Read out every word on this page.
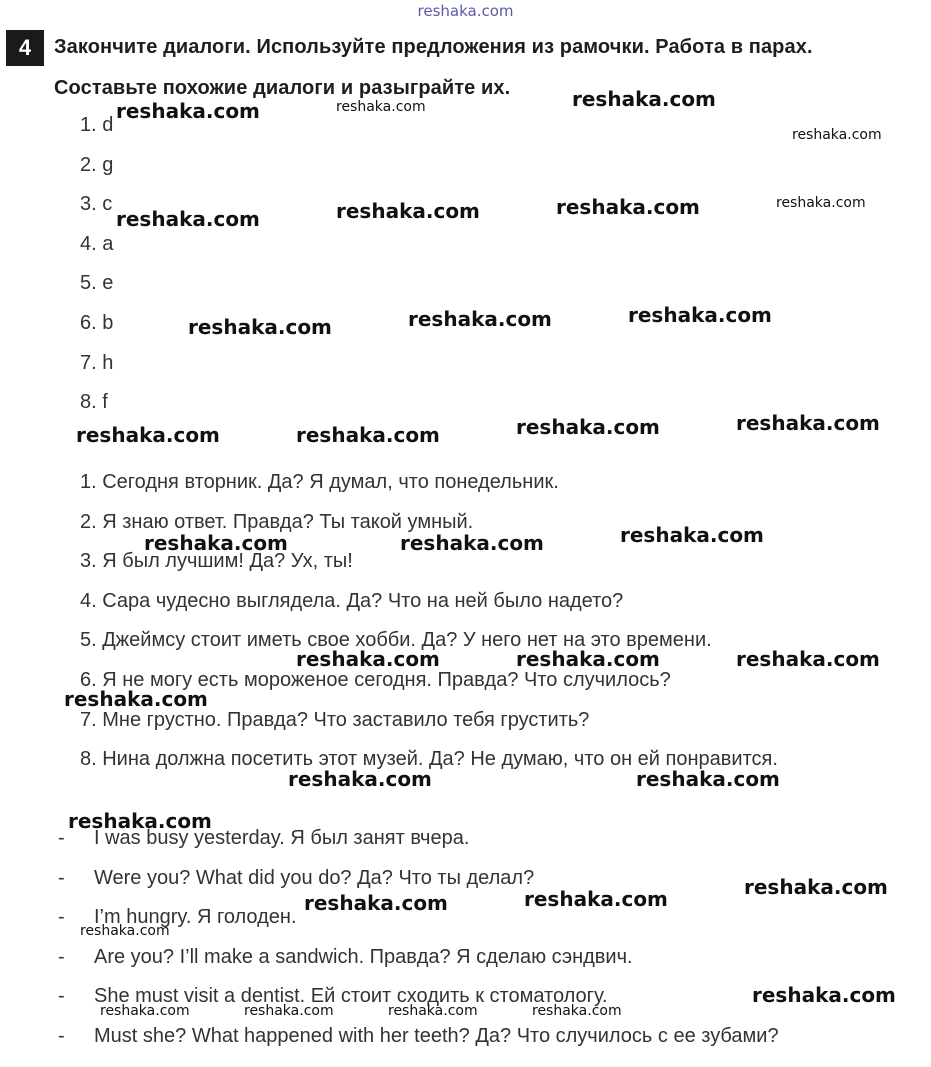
reshaka.com
4	Закончите диалоги. Используйте предложения из рамочки. Работа в парах.
Составьте похожие диалоги и разыграйте их.
1. d
2. g
3. c
4. a
5. e
6. b
7. h
8. f
1. Сегодня вторник. Да? Я думал, что понедельник.
2. Я знаю ответ. Правда? Ты такой умный.
3. Я был лучшим! Да? Ух, ты!
4. Сара чудесно выглядела. Да? Что на ней было надето?
5. Джеймсу стоит иметь свое хобби. Да? У него нет на это времени.
6. Я не могу есть мороженое сегодня. Правда? Что случилось?
7. Мне грустно. Правда? Что заставило тебя грустить?
8. Нина должна посетить этот музей. Да? Не думаю, что он ей понравится.
-	I was busy yesterday. Я был занят вчера.
-	Were you? What did you do? Да? Что ты делал?
-	I’m hungry. Я голоден.
-	Are you? I’ll make a sandwich. Правда? Я сделаю сэндвич.
-	She must visit a dentist. Ей стоит сходить к стоматологу.
-	Must she? What happened with her teeth? Да? Что случилось с ее зубами?
reshaka.com	reshaka.com	reshaka.com
reshaka.com
reshaka.com	reshaka.com	reshaka.com	reshaka.com
reshaka.com	reshaka.com	reshaka.com
reshaka.com	reshaka.com	reshaka.com	reshaka.com
reshaka.com	reshaka.com	reshaka.com
reshaka.com	reshaka.com	reshaka.com
reshaka.com
reshaka.com	reshaka.com
reshaka.com
reshaka.com
reshaka.com	reshaka.com
reshaka.com
reshaka.com
reshaka.com	reshaka.com	reshaka.com	reshaka.com
